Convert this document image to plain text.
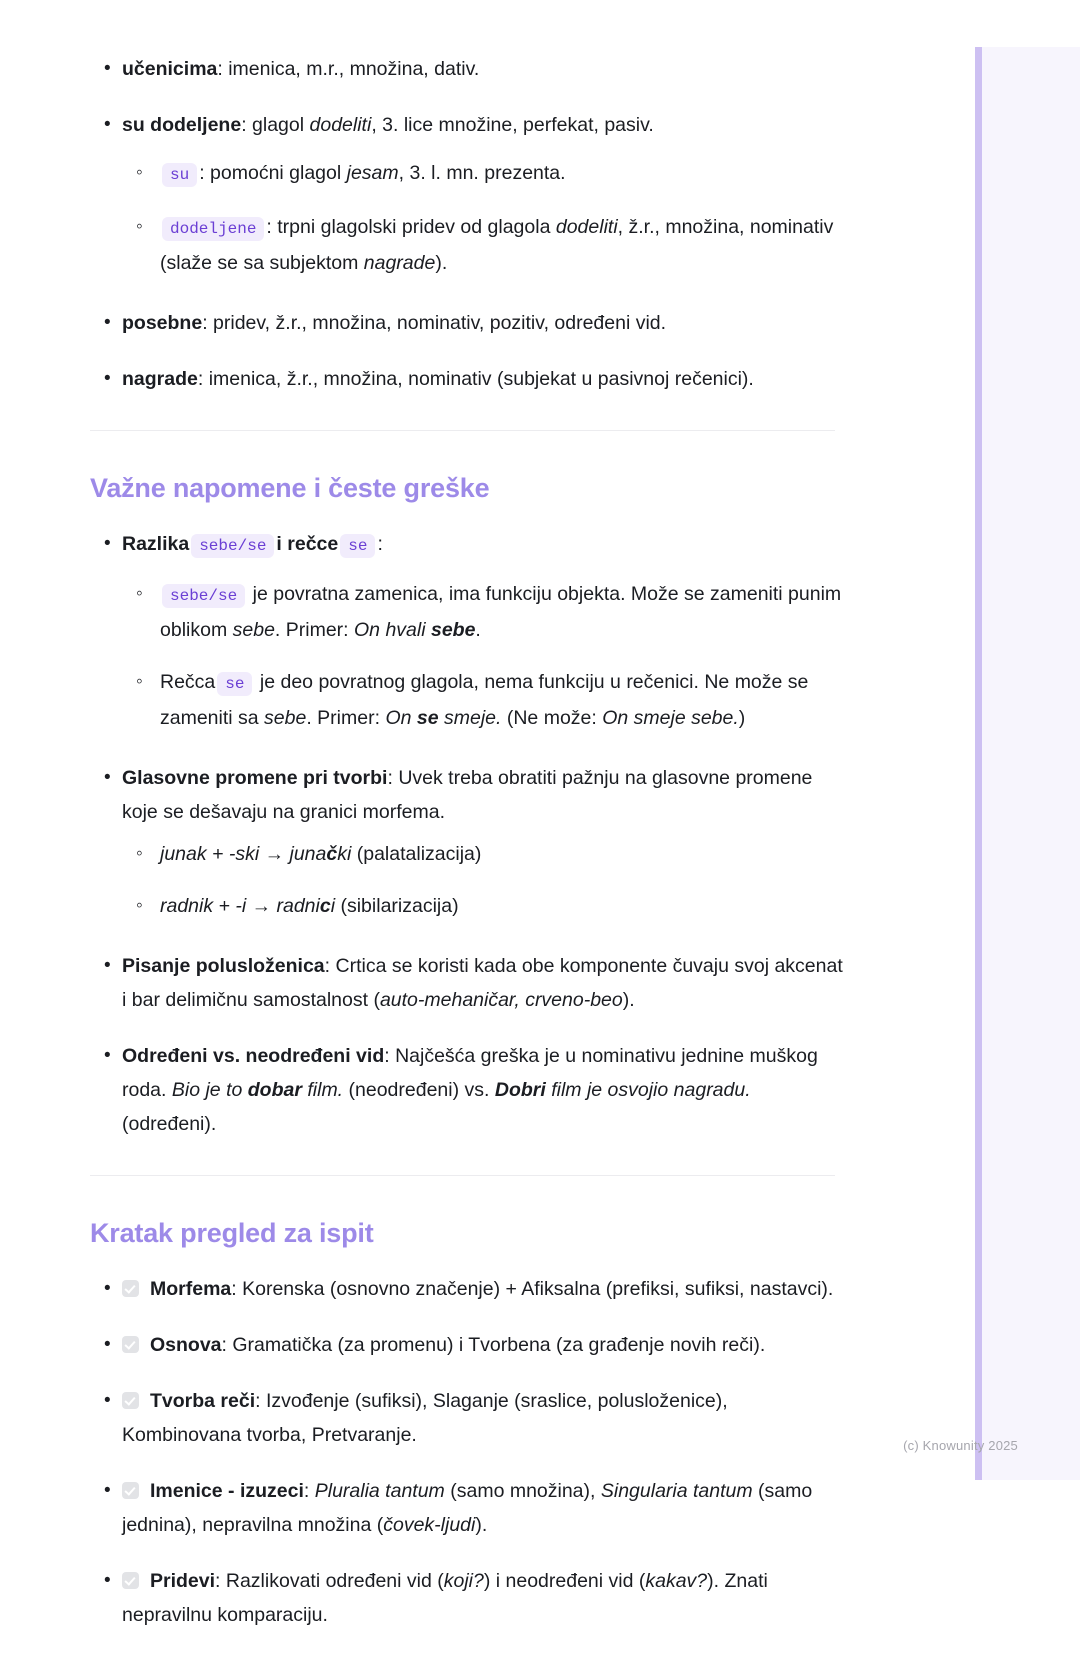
• učenicima: imenica, m.r., množina, dativ.
• su dodeljene: glagol dodeliti, 3. lice množine, perfekat, pasiv.
◦ su : pomoćni glagol jesam, 3. l. mn. prezenta.
◦ dodeljene : trpni glagolski pridev od glagola dodeliti, ž.r., množina, nominativ (slaže se sa subjektom nagrade).
• posebne: pridev, ž.r., množina, nominativ, pozitiv, određeni vid.
• nagrade: imenica, ž.r., množina, nominativ (subjekat u pasivnoj rečenici).
Važne napomene i česte greške
• Razlika sebe/se i rečce se :
◦ sebe/se je povratna zamenica, ima funkciju objekta. Može se zameniti punim oblikom sebe. Primer: On hvali sebe.
◦ Rečca se je deo povratnog glagola, nema funkciju u rečenici. Ne može se zameniti sa sebe. Primer: On se smeje. (Ne može: On smeje sebe.)
• Glasovne promene pri tvorbi: Uvek treba obratiti pažnju na glasovne promene koje se dešavaju na granici morfema.
◦ junak + -ski → junački (palatalizacija)
◦ radnik + -i → radnici (sibilarizacija)
• Pisanje polusloženica: Crtica se koristi kada obe komponente čuvaju svoj akcenat i bar delimičnu samostalnost (auto-mehaničar, crveno-beo).
• Određeni vs. neodređeni vid: Najčešća greška je u nominativu jednine muškog roda. Bio je to dobar film. (neodređeni) vs. Dobri film je osvojio nagradu. (određeni).
Kratak pregled za ispit
• Morfema: Korenska (osnovno značenje) + Afiksalna (prefiksi, sufiksi, nastavci).
• Osnova: Gramatička (za promenu) i Tvorbena (za građenje novih reči).
• Tvorba reči: Izvođenje (sufiksi), Slaganje (sraslice, polusloženice), Kombinovana tvorba, Pretvaranje.
• Imenice - izuzeci: Pluralia tantum (samo množina), Singularia tantum (samo jednina), nepravilna množina (čovek-ljudi).
• Pridevi: Razlikovati određeni vid (koji?) i neodređeni vid (kakav?). Znati nepravilnu komparaciju.
(c) Knowunity 2025
